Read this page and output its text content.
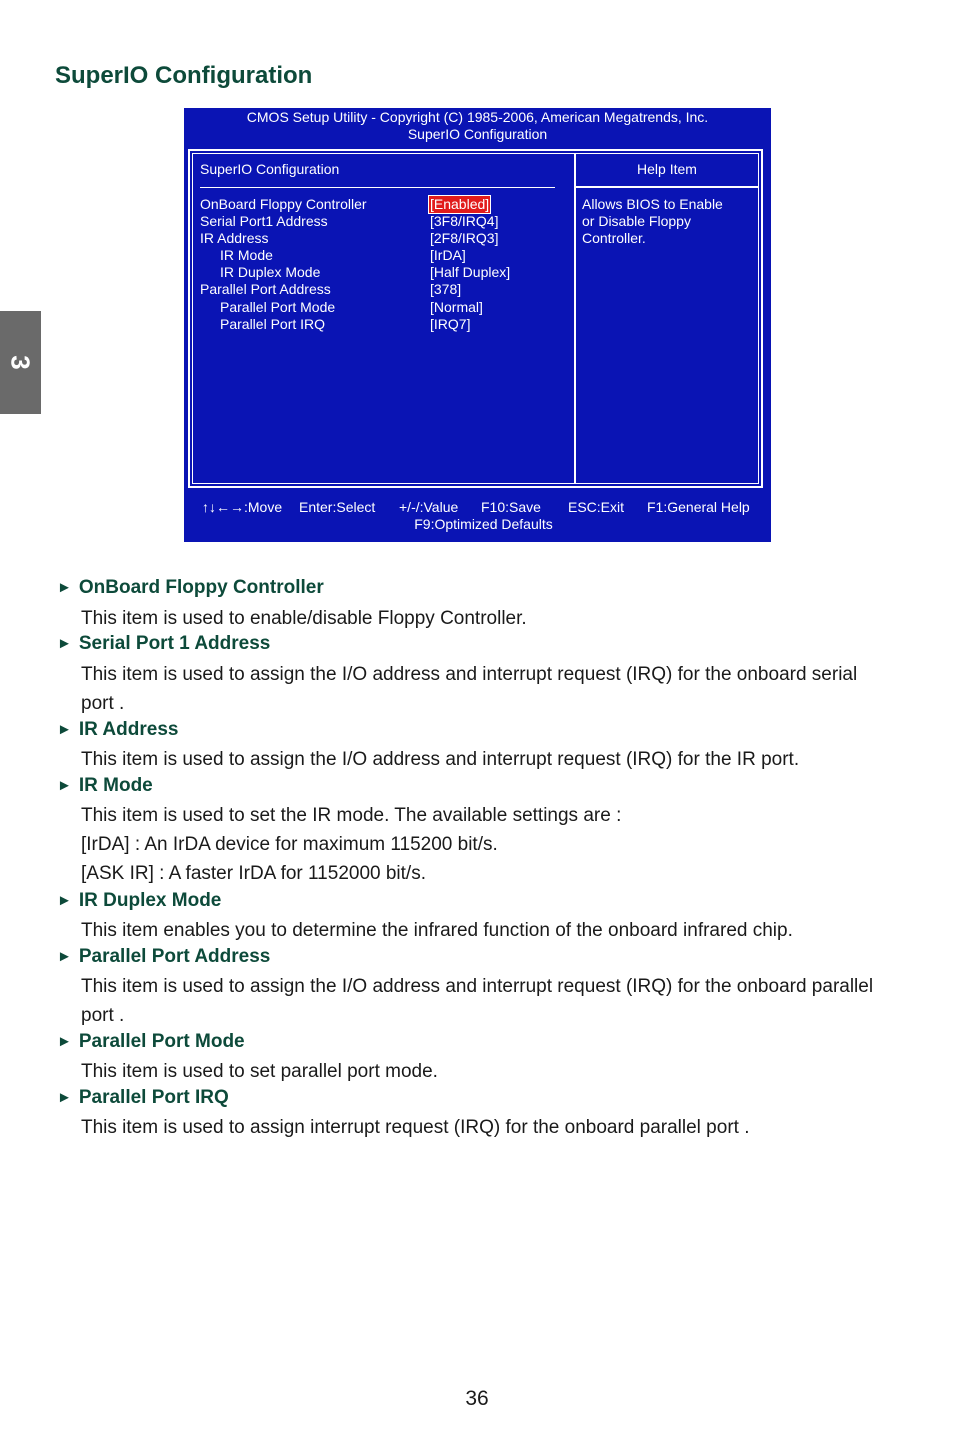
SuperIO Configuration
3
CMOS Setup Utility - Copyright (C) 1985-2006, American Megatrends, Inc.
SuperIO Configuration
SuperIO Configuration
OnBoard Floppy Controller	[Enabled]
Serial Port1 Address	[3F8/IRQ4]
IR Address	[2F8/IRQ3]
IR Mode	[IrDA]
IR Duplex Mode	[Half Duplex]
Parallel Port Address	[378]
Parallel Port Mode	[Normal]
Parallel Port IRQ	[IRQ7]
Help Item
Allows BIOS to Enable
or Disable Floppy
Controller.
↑↓←→:Move Enter:Select +/-/:Value F10:Save ESC:Exit F1:General Help
F9:Optimized Defaults
► OnBoard Floppy Controller
This item is used to enable/disable Floppy Controller.
► Serial Port 1 Address
This item is used to assign the I/O address and interrupt request (IRQ) for the onboard serial
port .
► IR Address
This item is used to assign the I/O address and interrupt request (IRQ) for the IR port.
► IR Mode
This item is used to set the IR mode. The available settings are :
[IrDA] : An IrDA device for maximum 115200 bit/s.
[ASK IR] : A faster IrDA for 1152000 bit/s.
► IR Duplex Mode
This item enables you to determine the infrared function of the onboard infrared chip.
► Parallel Port Address
This item is used to assign the I/O address and interrupt request (IRQ) for the onboard parallel
port .
► Parallel Port Mode
This item is used to set parallel port mode.
► Parallel Port IRQ
This item is used to assign interrupt request (IRQ) for the onboard parallel port .
36
